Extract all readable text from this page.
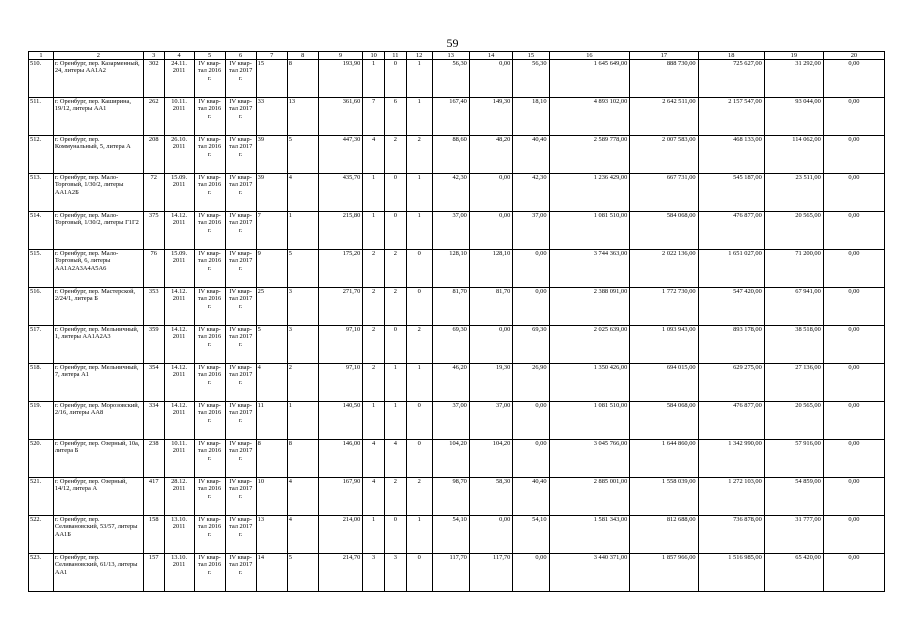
59
1	2	3	4	5	6	7	8	9	10	11	12	13	14	15	16	17	18	19	20
510.	г. Оренбург, пер. Казарменный, 24, литеры АА1А2	302	24.11. 2011	IV квар- тал 2016 г.	IV квар- тал 2017 г.	15	8	193,90	1	0	1	56,30	0,00	56,30	1 645 649,00	888 730,00	725 627,00	31 292,00	0,00
511.	г. Оренбург, пер. Каширина, 19/12, литеры АА1	262	10.11. 2011	IV квар- тал 2016 г.	IV квар- тал 2017 г.	33	13	361,60	7	6	1	167,40	149,30	18,10	4 893 102,00	2 642 511,00	2 157 547,00	93 044,00	0,00
512.	г. Оренбург, пер. Коммунальный, 5, литера А	208	26.10. 2011	IV квар- тал 2016 г.	IV квар- тал 2017 г.	39	5	447,30	4	2	2	88,60	48,20	40,40	2 589 778,00	2 007 583,00	468 133,00	114 062,00	0,00
513.	г. Оренбург, пер. Мало-Торговый, 1/30/2, литеры АА1А2Б	72	15.09. 2011	IV квар- тал 2016 г.	IV квар- тал 2017 г.	39	4	435,70	1	0	1	42,30	0,00	42,30	1 236 429,00	667 731,00	545 187,00	23 511,00	0,00
514.	г. Оренбург, пер. Мало-Торговый, 1/30/2, литеры Г1Г2	375	14.12. 2011	IV квар- тал 2016 г.	IV квар- тал 2017 г.	7	1	215,80	1	0	1	37,00	0,00	37,00	1 081 510,00	584 068,00	476 877,00	20 565,00	0,00
515.	г. Оренбург, пер. Мало-Торговый, 6, литеры АА1А2А3А4А5А6	76	15.09. 2011	IV квар- тал 2016 г.	IV квар- тал 2017 г.	9	5	175,20	2	2	0	128,10	128,10	0,00	3 744 363,00	2 022 136,00	1 651 027,00	71 200,00	0,00
516.	г. Оренбург, пер. Мастерской, 2/24/1, литера Б	353	14.12. 2011	IV квар- тал 2016 г.	IV квар- тал 2017 г.	25	3	271,70	2	2	0	81,70	81,70	0,00	2 388 091,00	1 772 730,00	547 420,00	67 941,00	0,00
517.	г. Оренбург, пер. Мельничный, 1, литеры АА1А2А3	359	14.12. 2011	IV квар- тал 2016 г.	IV квар- тал 2017 г.	5	3	97,10	2	0	2	69,30	0,00	69,30	2 025 639,00	1 093 943,00	893 178,00	38 518,00	0,00
518.	г. Оренбург, пер. Мельничный, 7, литера А1	354	14.12. 2011	IV квар- тал 2016 г.	IV квар- тал 2017 г.	4	2	97,10	2	1	1	46,20	19,30	26,90	1 350 426,00	694 015,00	629 275,00	27 136,00	0,00
519.	г. Оренбург, пер. Морозовский, 2/16, литеры АА8	334	14.12. 2011	IV квар- тал 2016 г.	IV квар- тал 2017 г.	11	1	140,50	1	1	0	37,00	37,00	0,00	1 081 510,00	584 068,00	476 877,00	20 565,00	0,00
520.	г. Оренбург, пер. Озерный, 10а, литера Б	238	10.11. 2011	IV квар- тал 2016 г.	IV квар- тал 2017 г.	8	8	146,00	4	4	0	104,20	104,20	0,00	3 045 766,00	1 644 860,00	1 342 990,00	57 916,00	0,00
521.	г. Оренбург, пер. Озерный, 14/12, литера А	417	28.12. 2011	IV квар- тал 2016 г.	IV квар- тал 2017 г.	10	4	167,90	4	2	2	98,70	58,30	40,40	2 885 001,00	1 558 039,00	1 272 103,00	54 859,00	0,00
522.	г. Оренбург, пер. Селивановский, 53/57, литеры АА1Б	158	13.10. 2011	IV квар- тал 2016 г.	IV квар- тал 2017 г.	13	4	214,00	1	0	1	54,10	0,00	54,10	1 581 343,00	812 688,00	736 878,00	31 777,00	0,00
523.	г. Оренбург, пер. Селивановский, 61/13, литеры АА1	157	13.10. 2011	IV квар- тал 2016 г.	IV квар- тал 2017 г.	14	5	214,70	3	3	0	117,70	117,70	0,00	3 440 371,00	1 857 966,00	1 516 985,00	65 420,00	0,00
